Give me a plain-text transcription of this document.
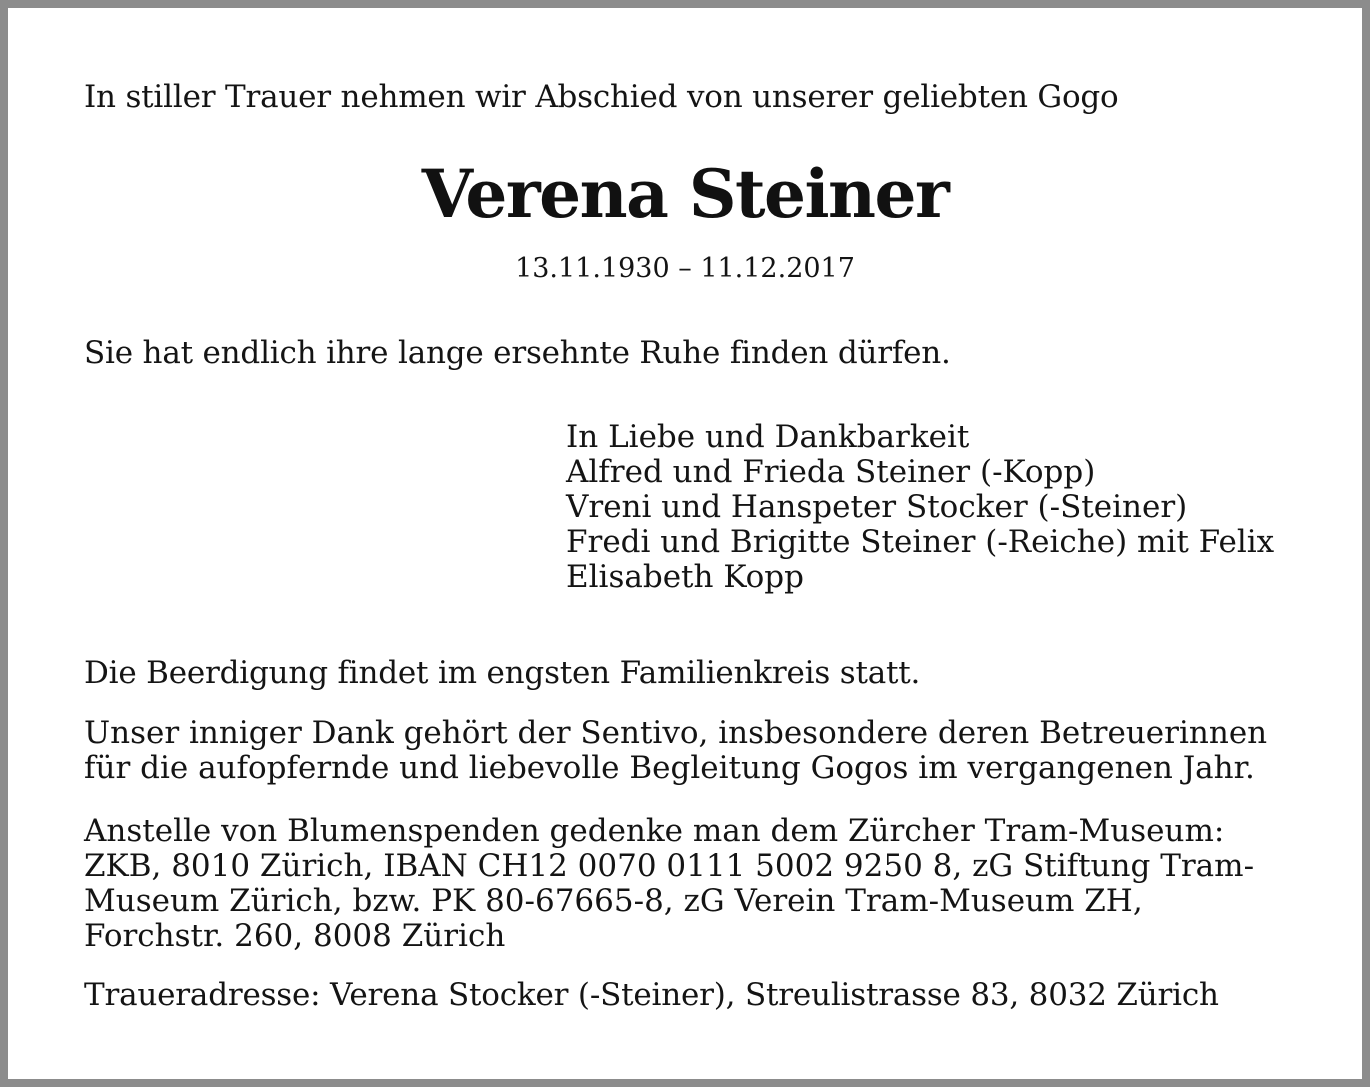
In stiller Trauer nehmen wir Abschied von unserer geliebten Gogo

Verena Steiner

13.11.1930 – 11.12.2017

Sie hat endlich ihre lange ersehnte Ruhe finden dürfen.

In Liebe und Dankbarkeit

Alfred und Frieda Steiner (-Kopp)

Vreni und Hanspeter Stocker (-Steiner)

Fredi und Brigitte Steiner (-Reiche) mit Felix

Elisabeth Kopp

Die Beerdigung findet im engsten Familienkreis statt.

Unser inniger Dank gehört der Sentivo, insbesondere deren Betreuerinnen
für die aufopfernde und liebevolle Begleitung Gogos im vergangenen Jahr.
Anstelle von Blumenspenden gedenke man dem Zürcher Tram-Museum:
ZKB, 8010 Zürich, IBAN CH12 0070 0111 5002 9250 8, zG Stiftung Tram-
Museum Zürich, bzw. PK 80-67665-8, zG Verein Tram-Museum ZH,
Forchstr. 260, 8008 Zürich

Traueradresse: Verena Stocker (-Steiner), Streulistrasse 83, 8032 Zürich
